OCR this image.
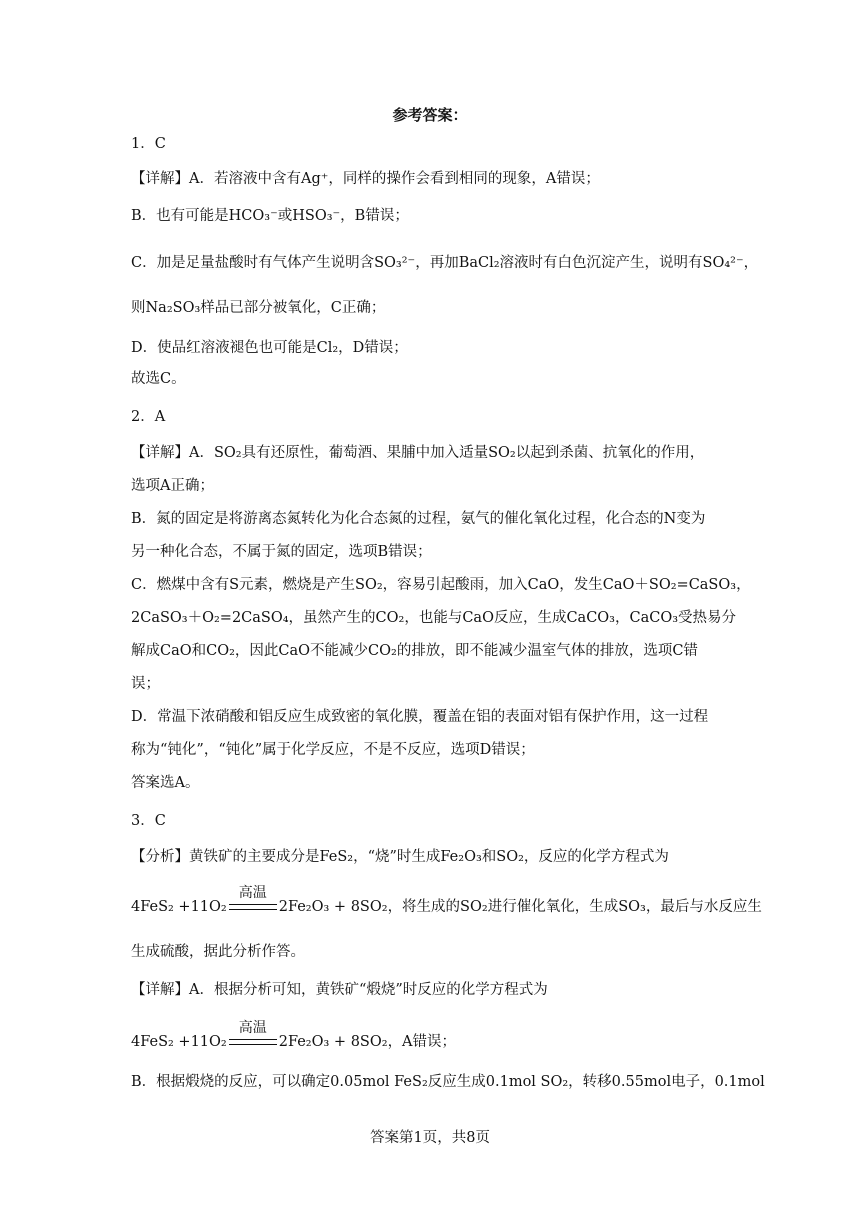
参考答案：
1．C
【详解】A．若溶液中含有Ag⁺，同样的操作会看到相同的现象，A错误；
B．也有可能是HCO₃⁻或HSO₃⁻，B错误；
C．加是足量盐酸时有气体产生说明含SO₃²⁻，再加BaCl₂溶液时有白色沉淀产生，说明有SO₄²⁻，
则Na₂SO₃样品已部分被氧化，C正确；
D．使品红溶液褪色也可能是Cl₂，D错误；
故选C。
2．A
【详解】A．SO₂具有还原性，葡萄酒、果脯中加入适量SO₂以起到杀菌、抗氧化的作用，
选项A正确；
B．氮的固定是将游离态氮转化为化合态氮的过程，氨气的催化氧化过程，化合态的N变为
另一种化合态，不属于氮的固定，选项B错误；
C．燃煤中含有S元素，燃烧是产生SO₂，容易引起酸雨，加入CaO，发生CaO＋SO₂=CaSO₃，
2CaSO₃＋O₂=2CaSO₄，虽然产生的CO₂，也能与CaO反应，生成CaCO₃，CaCO₃受热易分
解成CaO和CO₂，因此CaO不能减少CO₂的排放，即不能减少温室气体的排放，选项C错
误；
D．常温下浓硝酸和铝反应生成致密的氧化膜，覆盖在铝的表面对铝有保护作用，这一过程
称为“钝化”，“钝化”属于化学反应，不是不反应，选项D错误；
答案选A。
3．C
【分析】黄铁矿的主要成分是FeS₂，“烧”时生成Fe₂O₃和SO₂，反应的化学方程式为
生成硫酸，据此分析作答。
【详解】A．根据分析可知，黄铁矿“煅烧”时反应的化学方程式为
B．根据煅烧的反应，可以确定0.05mol FeS₂反应生成0.1mol SO₂，转移0.55mol电子，0.1mol
4FeS₂ +11O₂
高温
2Fe₂O₃ + 8SO₂，将生成的SO₂进行催化氧化，生成SO₃，最后与水反应生
4FeS₂ +11O₂
高温
2Fe₂O₃ + 8SO₂，A错误；
答案第1页，共8页
